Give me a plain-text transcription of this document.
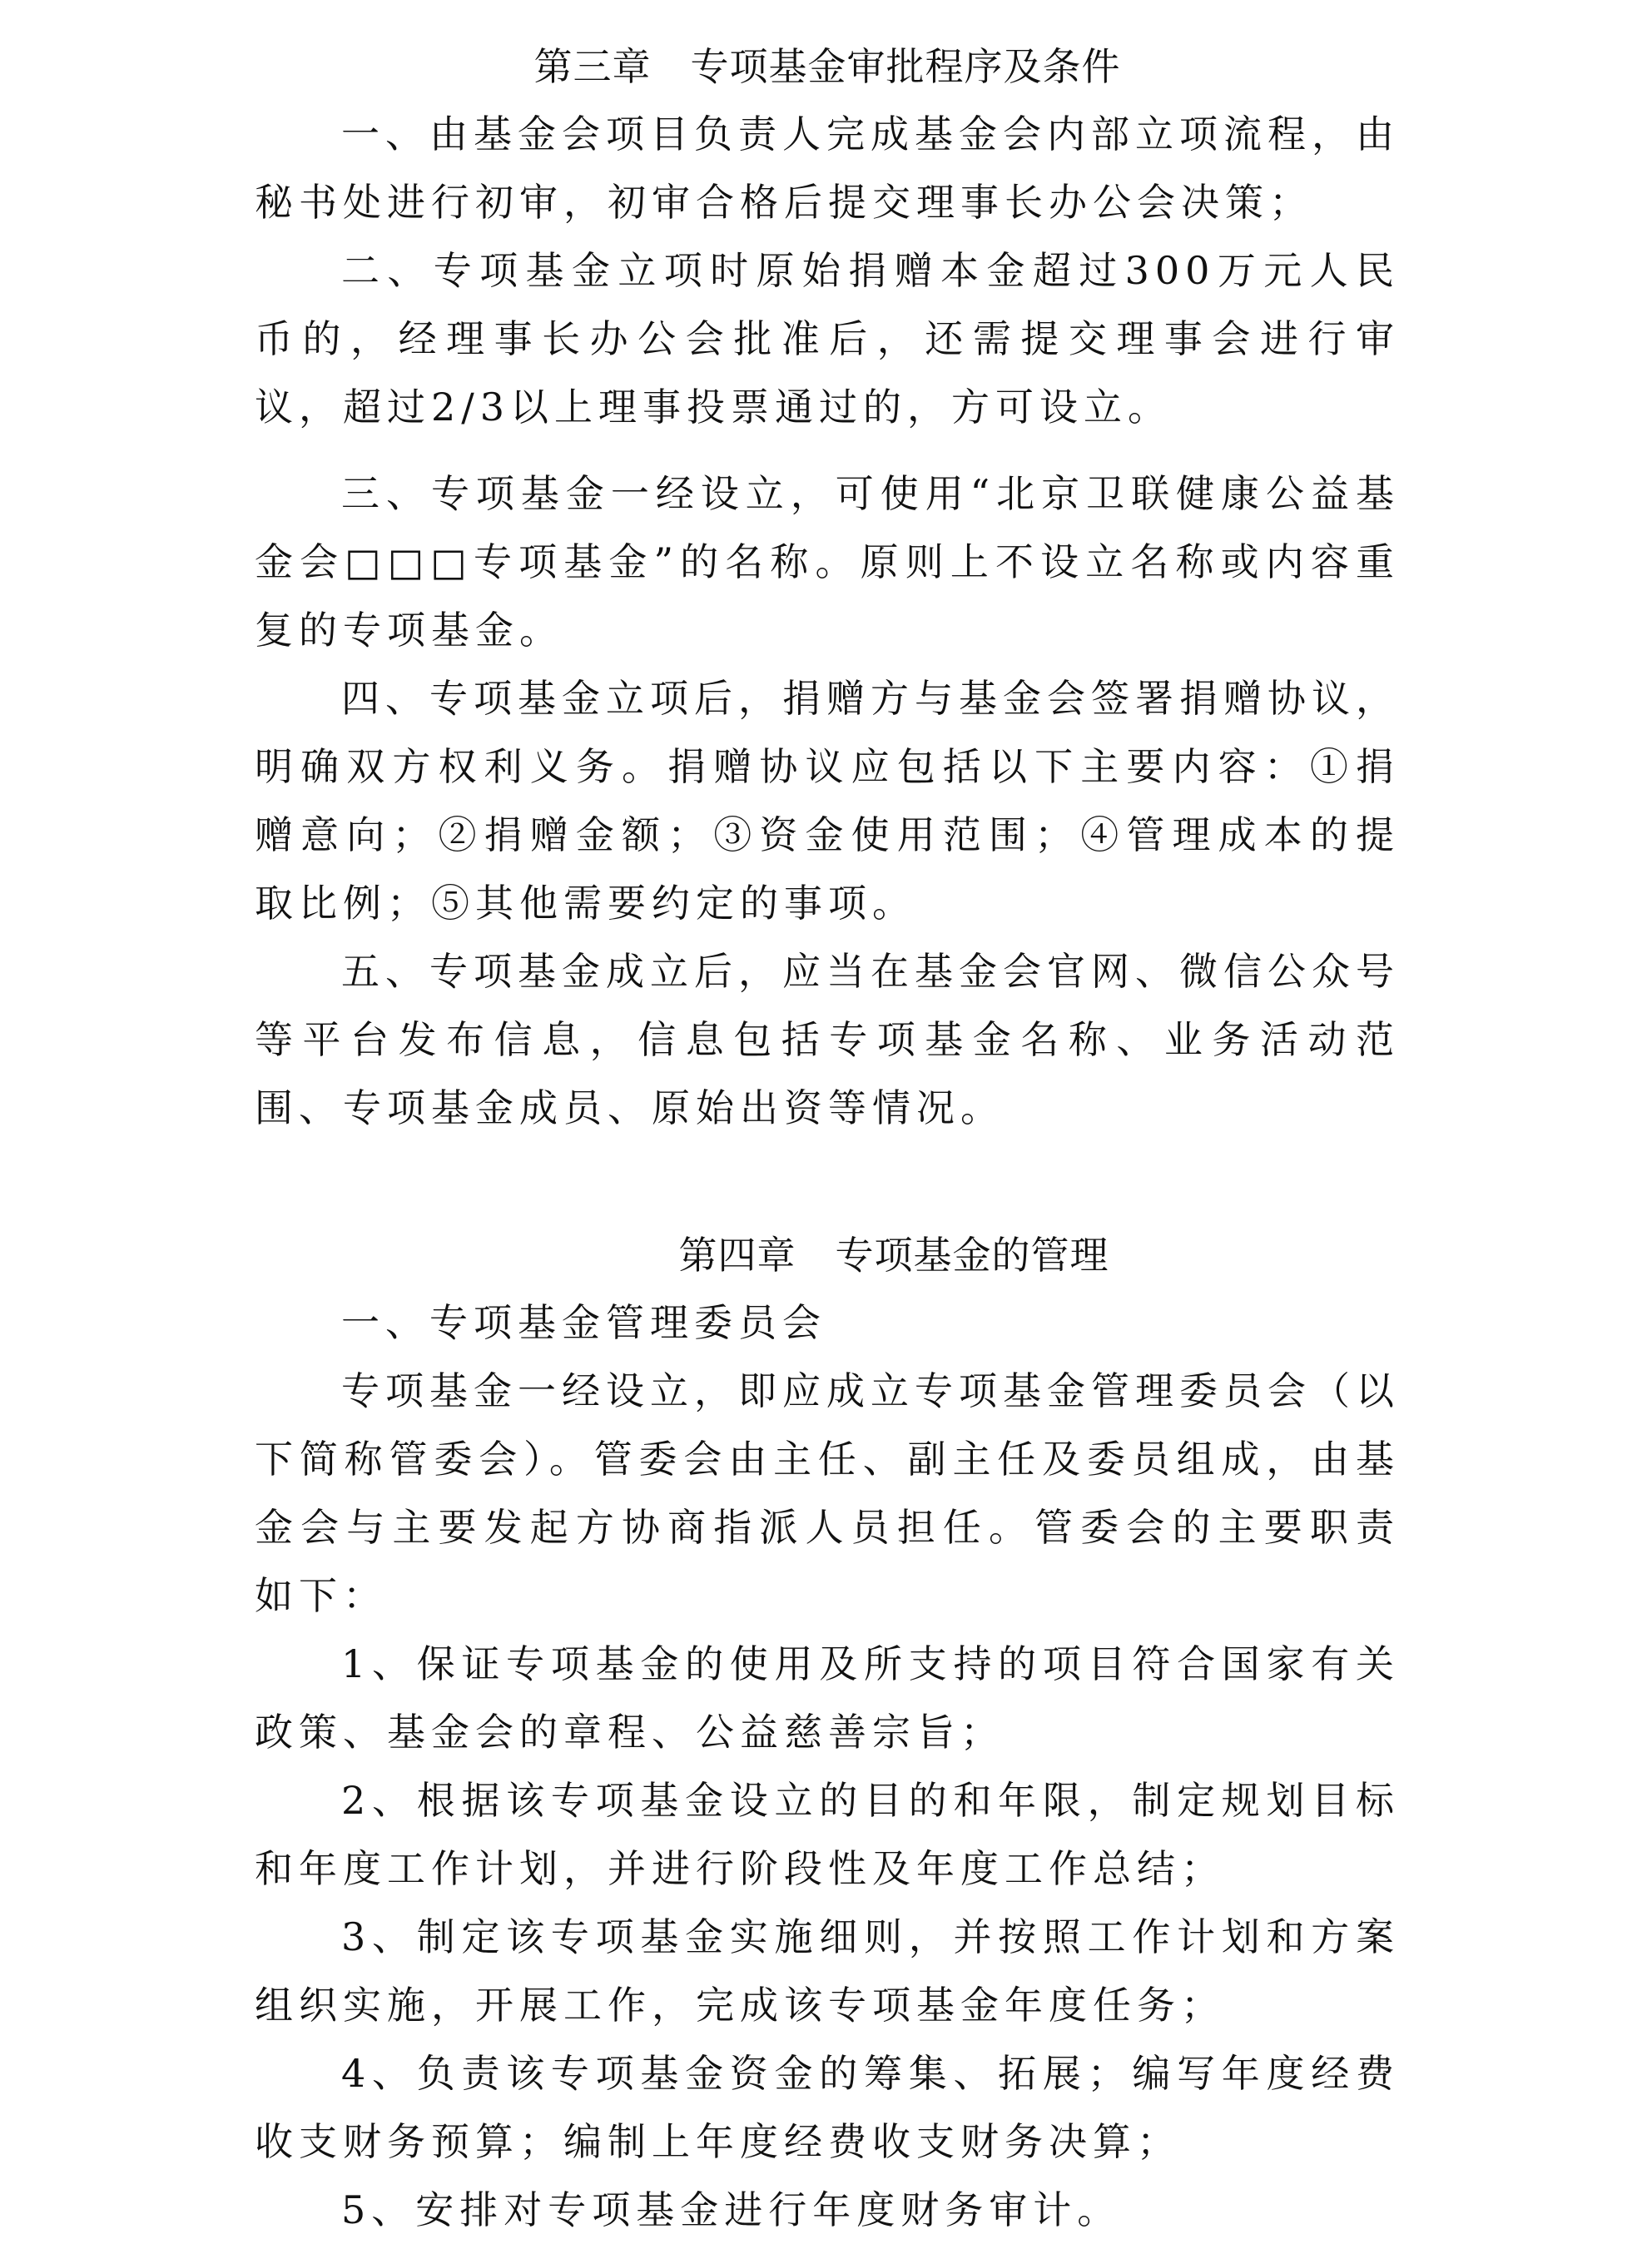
第三章　专项基金审批程序及条件

一、由基金会项目负责人完成基金会内部立项流程，由秘书处进行初审，初审合格后提交理事长办公会决策；

二、专项基金立项时原始捐赠本金超过300万元人民币的，经理事长办公会批准后，还需提交理事会进行审议，超过2/3以上理事投票通过的，方可设立。

三、专项基金一经设立，可使用“北京卫联健康公益基金会□□□专项基金”的名称。原则上不设立名称或内容重复的专项基金。

四、专项基金立项后，捐赠方与基金会签署捐赠协议，明确双方权利义务。捐赠协议应包括以下主要内容：①捐赠意向；②捐赠金额；③资金使用范围；④管理成本的提取比例；⑤其他需要约定的事项。

五、专项基金成立后，应当在基金会官网、微信公众号等平台发布信息，信息包括专项基金名称、业务活动范围、专项基金成员、原始出资等情况。

第四章　专项基金的管理

一、专项基金管理委员会

专项基金一经设立，即应成立专项基金管理委员会（以下简称管委会）。管委会由主任、副主任及委员组成，由基金会与主要发起方协商指派人员担任。管委会的主要职责如下：

1、保证专项基金的使用及所支持的项目符合国家有关政策、基金会的章程、公益慈善宗旨；

2、根据该专项基金设立的目的和年限，制定规划目标和年度工作计划，并进行阶段性及年度工作总结；

3、制定该专项基金实施细则，并按照工作计划和方案组织实施，开展工作，完成该专项基金年度任务；

4、负责该专项基金资金的筹集、拓展；编写年度经费收支财务预算；编制上年度经费收支财务决算；

5、安排对专项基金进行年度财务审计。
